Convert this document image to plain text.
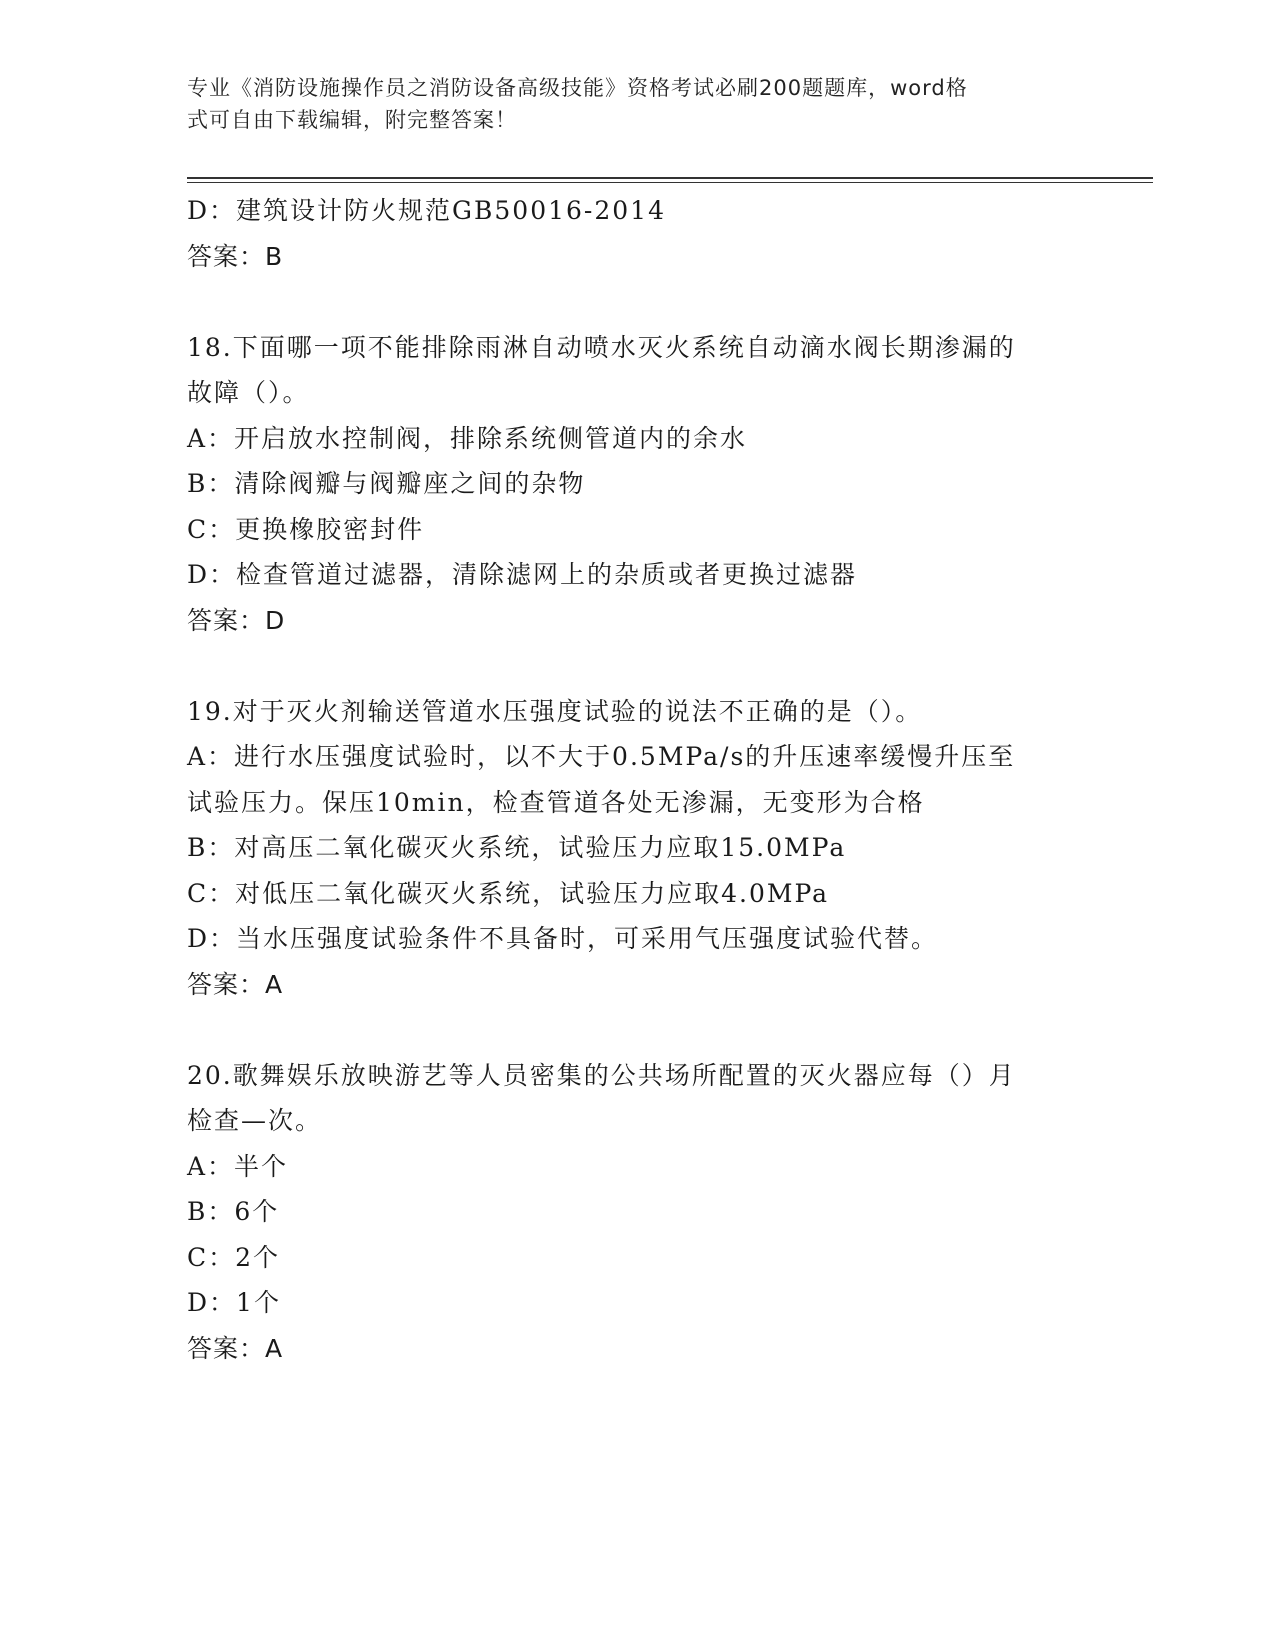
专业《消防设施操作员之消防设备高级技能》资格考试必刷200题题库，word格
式可自由下载编辑，附完整答案！
D：建筑设计防火规范GB50016-2014
答案：B
18.下面哪一项不能排除雨淋自动喷水灭火系统自动滴水阀长期渗漏的
故障（）。
A：开启放水控制阀，排除系统侧管道内的余水
B：清除阀瓣与阀瓣座之间的杂物
C：更换橡胶密封件
D：检查管道过滤器，清除滤网上的杂质或者更换过滤器
答案：D
19.对于灭火剂输送管道水压强度试验的说法不正确的是（）。
A：进行水压强度试验时，以不大于0.5MPa/s的升压速率缓慢升压至
试验压力。保压10min，检查管道各处无渗漏，无变形为合格
B：对高压二氧化碳灭火系统，试验压力应取15.0MPa
C：对低压二氧化碳灭火系统，试验压力应取4.0MPa
D：当水压强度试验条件不具备时，可采用气压强度试验代替。
答案：A
20.歌舞娱乐放映游艺等人员密集的公共场所配置的灭火器应每（）月
检查—次。
A：半个
B：6个
C：2个
D：1个
答案：A
